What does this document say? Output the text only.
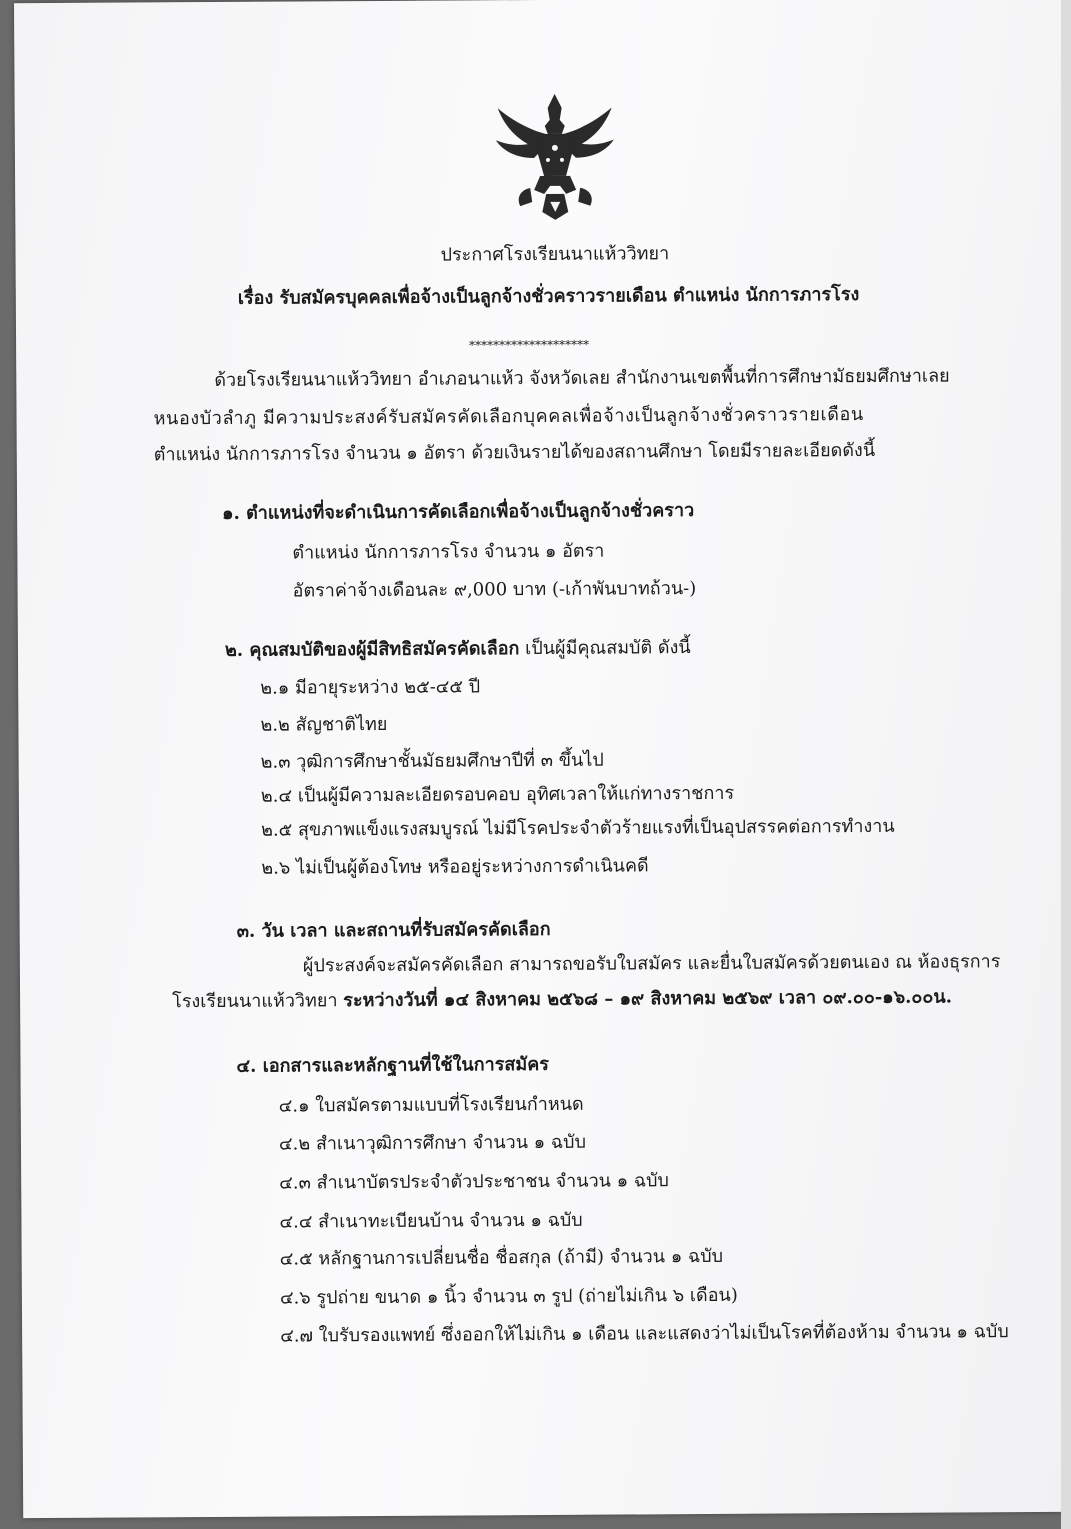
ประกาศโรงเรียนนาแห้ววิทยา
เรื่อง รับสมัครบุคคลเพื่อจ้างเป็นลูกจ้างชั่วคราวรายเดือน ตำแหน่ง นักการภารโรง
********************
ด้วยโรงเรียนนาแห้ววิทยา อำเภอนาแห้ว จังหวัดเลย สำนักงานเขตพื้นที่การศึกษามัธยมศึกษาเลย
หนองบัวลำภู มีความประสงค์รับสมัครคัดเลือกบุคคลเพื่อจ้างเป็นลูกจ้างชั่วคราวรายเดือน
ตำแหน่ง นักการภารโรง จำนวน ๑ อัตรา ด้วยเงินรายได้ของสถานศึกษา โดยมีรายละเอียดดังนี้
๑. ตำแหน่งที่จะดำเนินการคัดเลือกเพื่อจ้างเป็นลูกจ้างชั่วคราว
ตำแหน่ง นักการภารโรง จำนวน ๑ อัตรา
อัตราค่าจ้างเดือนละ ๙,000 บาท (-เก้าพันบาทถ้วน-)
๒. คุณสมบัติของผู้มีสิทธิสมัครคัดเลือก เป็นผู้มีคุณสมบัติ ดังนี้
๒.๑ มีอายุระหว่าง ๒๕-๔๕ ปี
๒.๒ สัญชาติไทย
๒.๓ วุฒิการศึกษาชั้นมัธยมศึกษาปีที่ ๓ ขึ้นไป
๒.๔ เป็นผู้มีความละเอียดรอบคอบ อุทิศเวลาให้แก่ทางราชการ
๒.๕ สุขภาพแข็งแรงสมบูรณ์ ไม่มีโรคประจำตัวร้ายแรงที่เป็นอุปสรรคต่อการทำงาน
๒.๖ ไม่เป็นผู้ต้องโทษ หรืออยู่ระหว่างการดำเนินคดี
๓. วัน เวลา และสถานที่รับสมัครคัดเลือก
ผู้ประสงค์จะสมัครคัดเลือก สามารถขอรับใบสมัคร และยื่นใบสมัครด้วยตนเอง ณ ห้องธุรการ
โรงเรียนนาแห้ววิทยา ระหว่างวันที่ ๑๔ สิงหาคม ๒๕๖๘ – ๑๙ สิงหาคม ๒๕๖๙ เวลา ๐๙.๐๐-๑๖.๐๐น.
๔. เอกสารและหลักฐานที่ใช้ในการสมัคร
๔.๑ ใบสมัครตามแบบที่โรงเรียนกำหนด
๔.๒ สำเนาวุฒิการศึกษา จำนวน ๑ ฉบับ
๔.๓ สำเนาบัตรประจำตัวประชาชน จำนวน ๑ ฉบับ
๔.๔ สำเนาทะเบียนบ้าน จำนวน ๑ ฉบับ
๔.๕ หลักฐานการเปลี่ยนชื่อ ชื่อสกุล (ถ้ามี) จำนวน ๑ ฉบับ
๔.๖ รูปถ่าย ขนาด ๑ นิ้ว จำนวน ๓ รูป (ถ่ายไม่เกิน ๖ เดือน)
๔.๗ ใบรับรองแพทย์ ซึ่งออกให้ไม่เกิน ๑ เดือน และแสดงว่าไม่เป็นโรคที่ต้องห้าม จำนวน ๑ ฉบับ
